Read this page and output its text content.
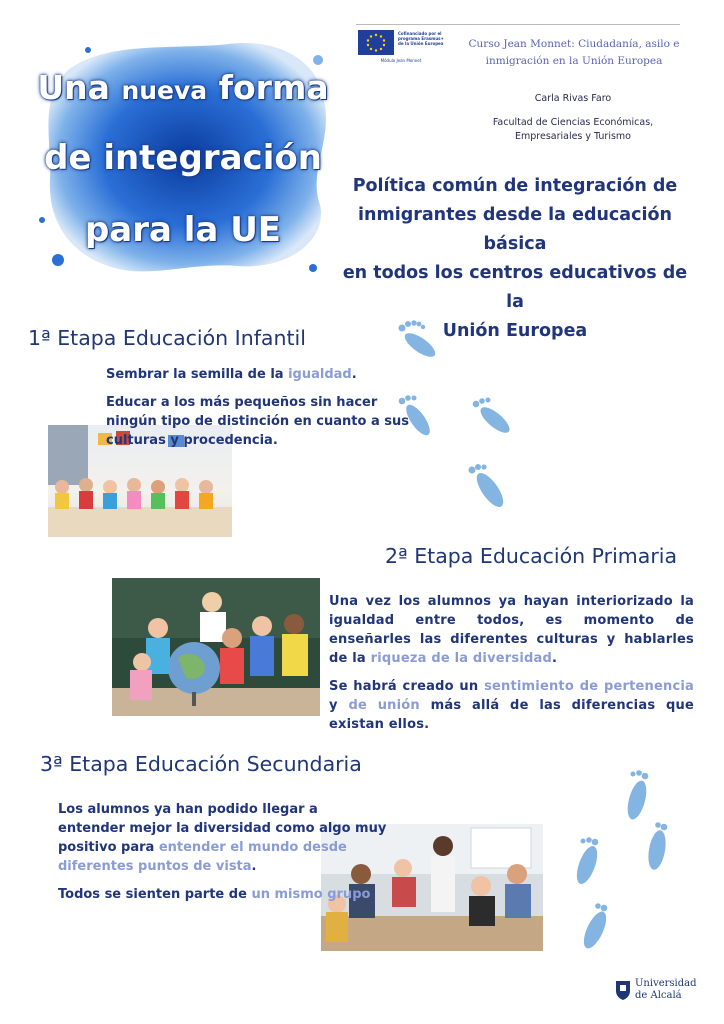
Una nueva forma
de integración
para la UE
Cofinanciado por el programa Erasmus+ de la Unión Europea
Módulo Jean Monnet
Curso Jean Monnet: Ciudadanía, asilo e inmigración en la Unión Europea
Carla Rivas Faro
Facultad de Ciencias Económicas,
Empresariales y Turismo
Política común de integración de
inmigrantes desde la educación básica
en todos los centros educativos de la
Unión Europea
1ª Etapa Educación Infantil

Sembrar la semilla de la igualdad.

Educar a los más pequeños sin hacer ningún tipo de distinción en cuanto a sus culturas y procedencia.

2ª Etapa Educación Primaria

Una vez los alumnos ya hayan interiorizado la igualdad entre todos, es momento de enseñarles las diferentes culturas y hablarles de la riqueza de la diversidad.

Se habrá creado un sentimiento de pertenencia y de unión más allá de las diferencias que existan ellos.

3ª Etapa Educación Secundaria

Los alumnos ya han podido llegar a entender mejor la diversidad como algo muy positivo para entender el mundo desde diferentes puntos de vista.

Todos se sienten parte de un mismo grupo

Universidad
de Alcalá
